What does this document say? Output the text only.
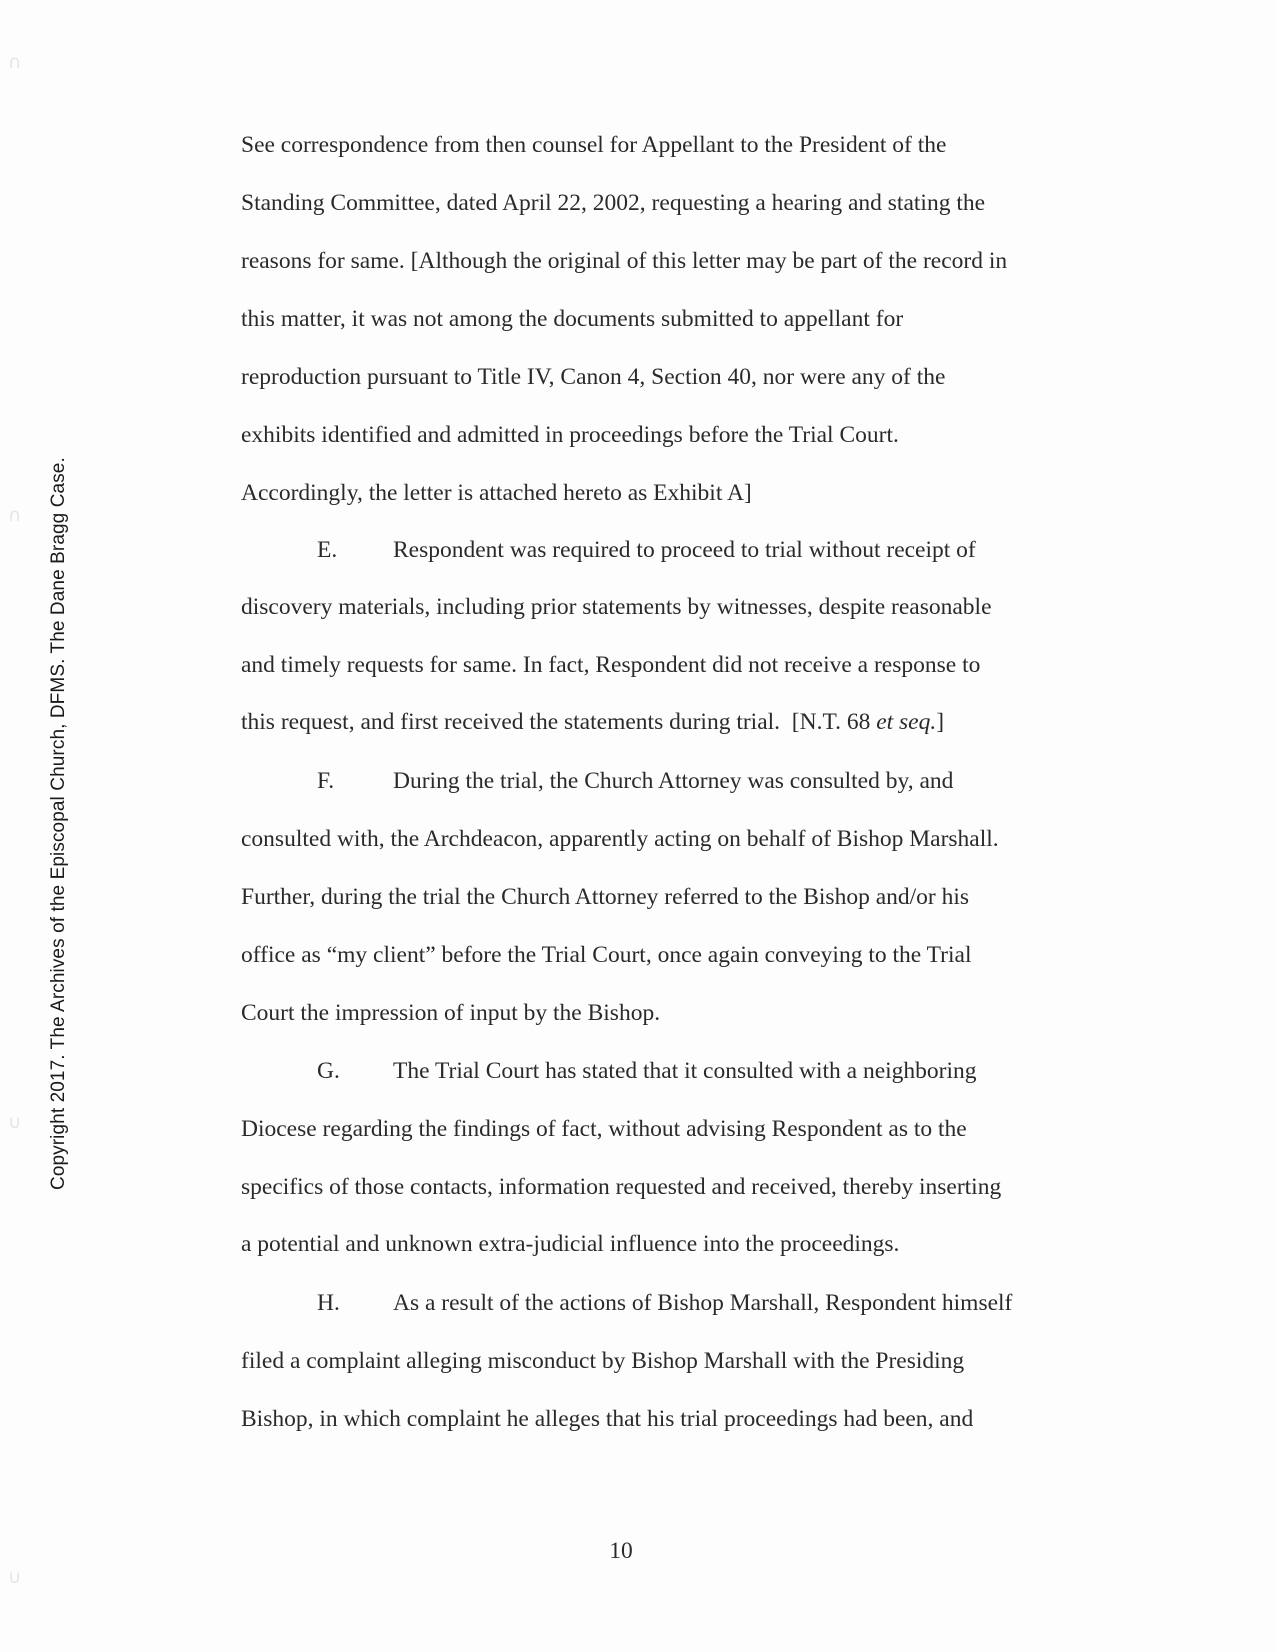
Copyright 2017. The Archives of the Episcopal Church, DFMS. The Dane Bragg Case.
See correspondence from then counsel for Appellant to the President of the
Standing Committee, dated April 22, 2002, requesting a hearing and stating the
reasons for same. [Although the original of this letter may be part of the record in
this matter, it was not among the documents submitted to appellant for
reproduction pursuant to Title IV, Canon 4, Section 40, nor were any of the
exhibits identified and admitted in proceedings before the Trial Court.
Accordingly, the letter is attached hereto as Exhibit A]
E. Respondent was required to proceed to trial without receipt of
discovery materials, including prior statements by witnesses, despite reasonable
and timely requests for same. In fact, Respondent did not receive a response to
this request, and first received the statements during trial.  [N.T. 68 et seq.]
F.	During the trial, the Church Attorney was consulted by, and
consulted with, the Archdeacon, apparently acting on behalf of Bishop Marshall.
Further, during the trial the Church Attorney referred to the Bishop and/or his
office as “my client” before the Trial Court, once again conveying to the Trial
Court the impression of input by the Bishop.
G. The Trial Court has stated that it consulted with a neighboring
Diocese regarding the findings of fact, without advising Respondent as to the
specifics of those contacts, information requested and received, thereby inserting
a potential and unknown extra-judicial influence into the proceedings.
H. As a result of the actions of Bishop Marshall, Respondent himself
filed a complaint alleging misconduct by Bishop Marshall with the Presiding
Bishop, in which complaint he alleges that his trial proceedings had been, and
10
∩
∩
∪
∪
